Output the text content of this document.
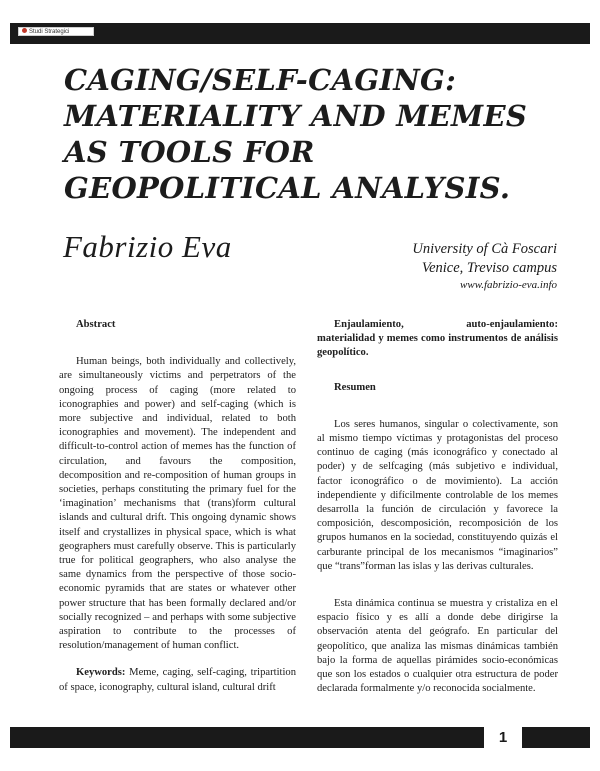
Studi Strategici
CAGING/SELF-CAGING: MATERIALITY AND MEMES AS TOOLS FOR GEOPOLITICAL ANALYSIS.
Fabrizio Eva	University of Cà Foscari
Venice, Treviso campus
www.fabrizio-eva.info

Abstract

Human beings, both individually and collectively, are simultaneously victims and perpetrators of the ongoing process of caging (more related to iconographies and power) and self-caging (which is more subjective and individual, related to both iconographies and movement). The independent and difficult-to-control action of memes has the function of circulation, and favours the composition, decomposition and re-composition of human groups in societies, perhaps constituting the primary fuel for the ‘imagination’ mechanisms that (trans)form cultural islands and cultural drift. This ongoing dynamic shows itself and crystallizes in physical space, which is what geographers must carefully observe. This is particularly true for political geographers, who also analyse the same dynamics from the perspective of those socio-economic pyramids that are states or whatever other power structure that has been formally declared and/or socially recognized – and perhaps with some subjective aspiration to contribute to the processes of resolution/management of human conflict.

Keywords: Meme, caging, self-caging, tripartition of space, iconography, cultural island, cultural drift

Enjaulamiento, auto-enjaulamiento: materialidad y memes como instrumentos de análisis geopolítico.

Resumen

Los seres humanos, singular o colectivamente, son al mismo tiempo víctimas y protagonistas del proceso continuo de caging (más iconográfico y conectado al poder) y de selfcaging (más subjetivo e individual, factor iconográfico o de movimiento). La acción independiente y difícilmente controlable de los memes desarrolla la función de circulación y favorece la composición, descomposición, recomposición de los grupos humanos en la sociedad, constituyendo quizás el carburante principal de los mecanismos “imaginarios” que “trans”forman las islas y las derivas culturales.

Esta dinámica continua se muestra y cristaliza en el espacio físico y es allí a donde debe dirigirse la observación atenta del geógrafo. En particular del geopolítico, que analiza las mismas dinámicas también bajo la forma de aquellas pirámides socio-económicas que son los estados o cualquier otra estructura de poder declarada formalmente y/o reconocida socialmente.

1
